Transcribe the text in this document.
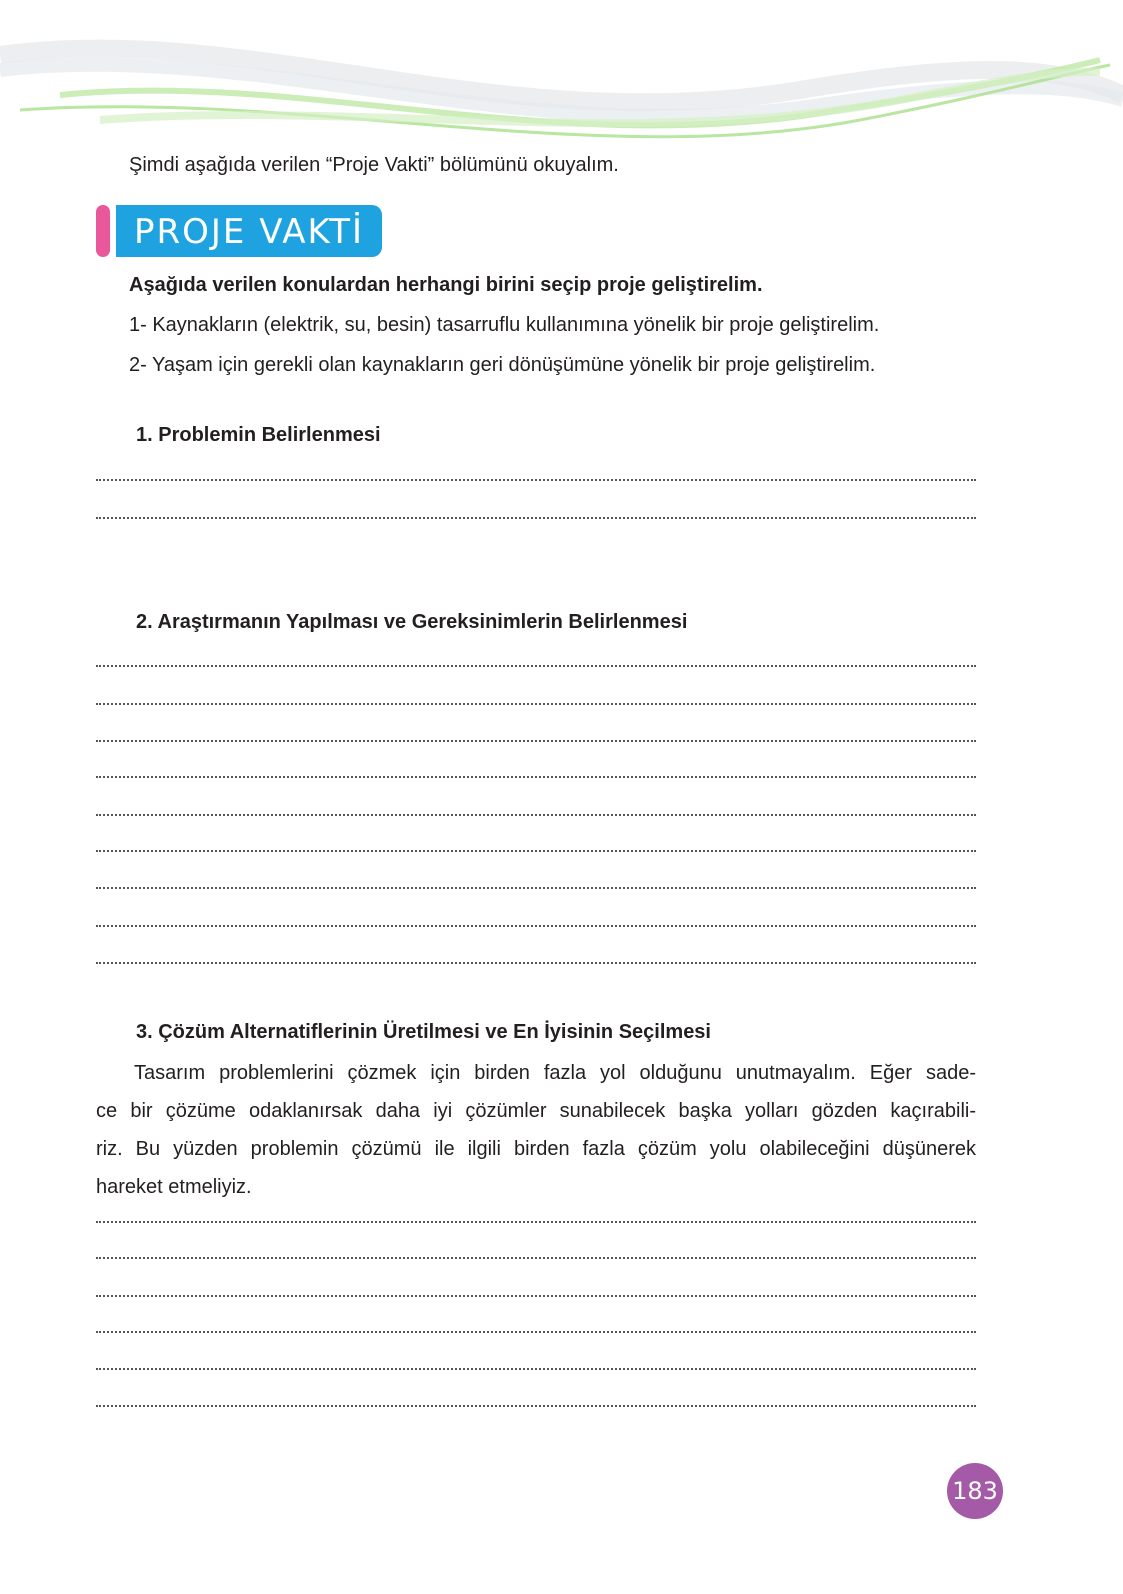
Şimdi aşağıda verilen “Proje Vakti” bölümünü okuyalım.
PROJE VAKTİ
Aşağıda verilen konulardan herhangi birini seçip proje geliştirelim.
1- Kaynakların (elektrik, su, besin) tasarruflu kullanımına yönelik bir proje geliştirelim.
2- Yaşam için gerekli olan kaynakların geri dönüşümüne yönelik bir proje geliştirelim.
1. Problemin Belirlenmesi
2. Araştırmanın Yapılması ve Gereksinimlerin Belirlenmesi
3. Çözüm Alternatiflerinin Üretilmesi ve En İyisinin Seçilmesi
Tasarım problemlerini çözmek için birden fazla yol olduğunu unutmayalım. Eğer sade-
ce bir çözüme odaklanırsak daha iyi çözümler sunabilecek başka yolları gözden kaçırabili-
riz. Bu yüzden problemin çözümü ile ilgili birden fazla çözüm yolu olabileceğini düşünerek
hareket etmeliyiz.
183
